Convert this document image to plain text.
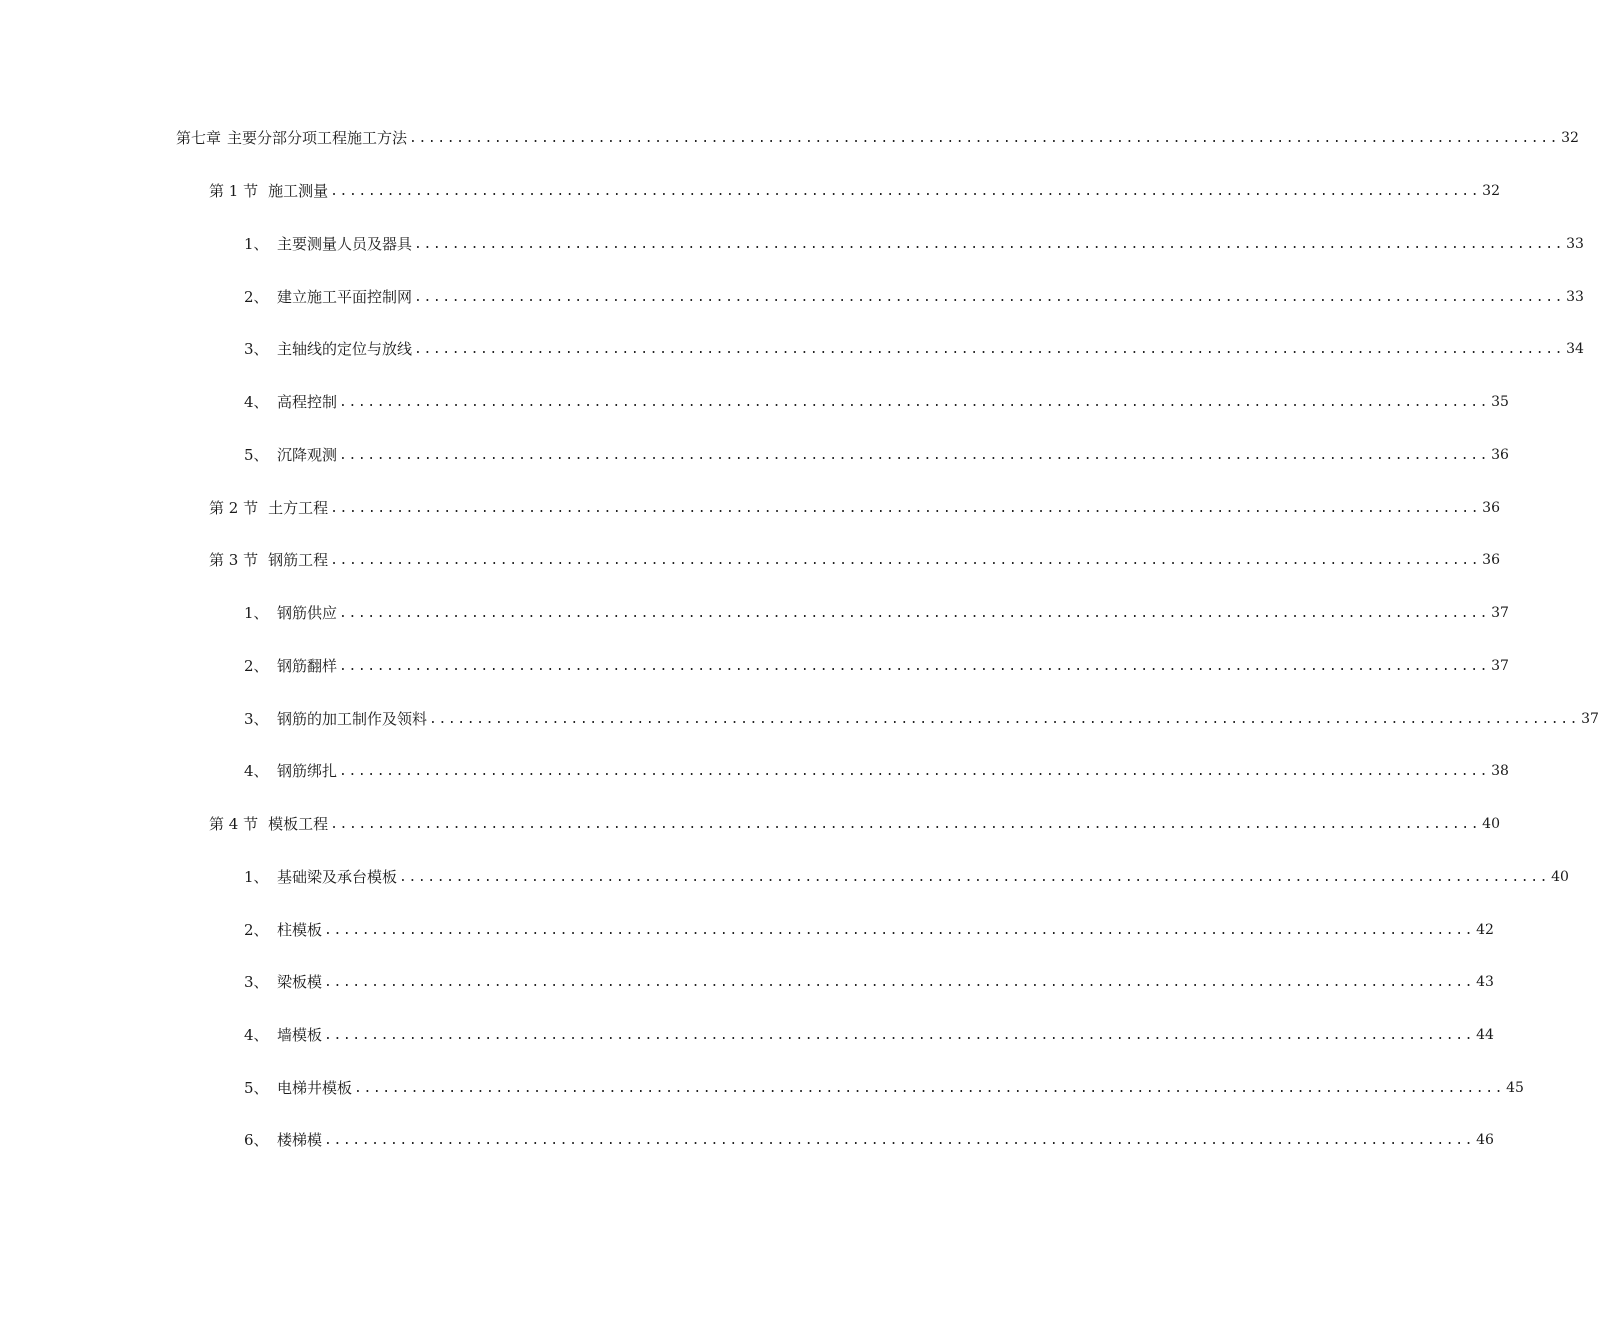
第七章 主要分部分项工程施工方法 .......................................................................................................................... 32
第 1 节 施工测量 .......................................................................................................................... 32
1、 主要测量人员及器具 .......................................................................................................................... 33
2、 建立施工平面控制网 .......................................................................................................................... 33
3、 主轴线的定位与放线 .......................................................................................................................... 34
4、 高程控制 .......................................................................................................................... 35
5、 沉降观测 .......................................................................................................................... 36
第 2 节 土方工程 .......................................................................................................................... 36
第 3 节 钢筋工程 .......................................................................................................................... 36
1、 钢筋供应 .......................................................................................................................... 37
2、 钢筋翻样 .......................................................................................................................... 37
3、 钢筋的加工制作及领料 .......................................................................................................................... 37
4、 钢筋绑扎 .......................................................................................................................... 38
第 4 节 模板工程 .......................................................................................................................... 40
1、 基础梁及承台模板 .......................................................................................................................... 40
2、 柱模板 .......................................................................................................................... 42
3、 梁板模 .......................................................................................................................... 43
4、 墙模板 .......................................................................................................................... 44
5、 电梯井模板 .......................................................................................................................... 45
6、 楼梯模 .......................................................................................................................... 46
